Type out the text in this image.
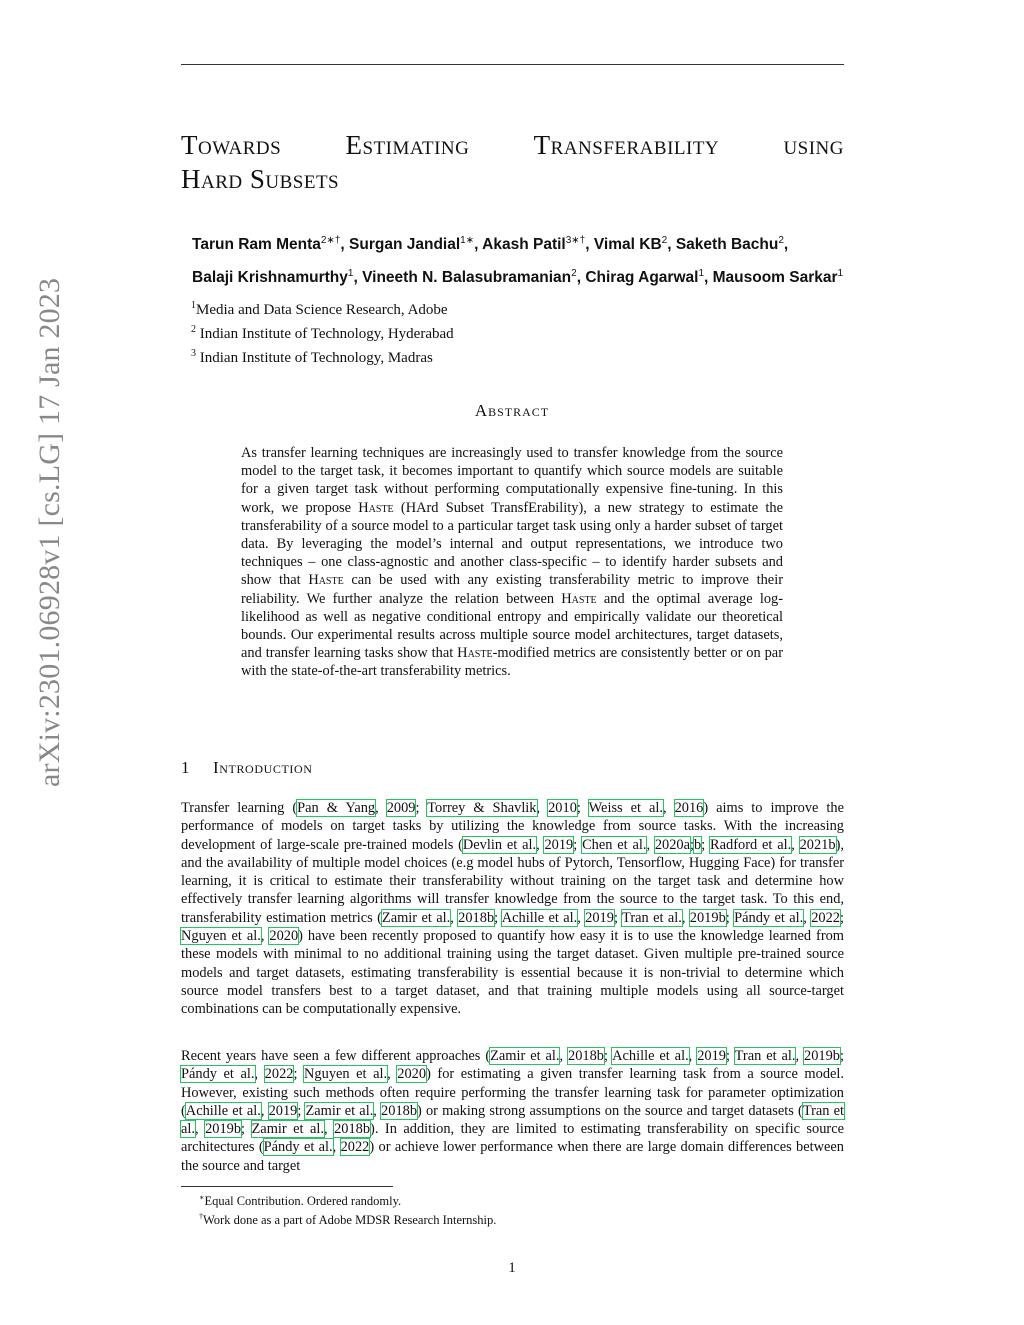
arXiv:2301.06928v1 [cs.LG] 17 Jan 2023
Towards Estimating Transferability using
Hard Subsets
Tarun Ram Menta$^{2∗\dagger}$, Surgan Jandial$^{1∗}$, Akash Patil$^{3∗\dagger}$, Vimal $KB^2$, Saketh Bachu$^2$,
Balaji Krishnamurthy$^1$, Vineeth N. Balasubramanian$^2$, Chirag Agarwal$^1$, Mausoom Sarkar$^1$
$^1$Media and Data Science Research, Adobe
$^2$ Indian Institute of Technology, Hyderabad
$^3$ Indian Institute of Technology, Madras
Abstract
As transfer learning techniques are increasingly used to transfer knowledge from the source model to the target task, it becomes important to quantify which source models are suitable for a given target task without performing computationally expensive fine-tuning. In this work, we propose Haste (HArd Subset TransfErability), a new strategy to estimate the transferability of a source model to a particular target task using only a harder subset of target data. By leveraging the model’s internal and output representations, we introduce two techniques – one class-agnostic and another class-specific – to identify harder subsets and show that Haste can be used with any existing transferability metric to improve their reliability. We further analyze the relation between Haste and the optimal average log-likelihood as well as negative conditional entropy and empirically validate our theoretical bounds. Our experimental results across multiple source model architectures, target datasets, and transfer learning tasks show that Haste-modified metrics are consistently better or on par with the state-of-the-art transferability metrics.
1 Introduction
Transfer learning (Pan & Yang, 2009; Torrey & Shavlik, 2010; Weiss et al., 2016) aims to improve the performance of models on target tasks by utilizing the knowledge from source tasks. With the increasing development of large-scale pre-trained models (Devlin et al., 2019; Chen et al., 2020a;b; Radford et al., 2021b), and the availability of multiple model choices (e.g model hubs of Pytorch, Tensorflow, Hugging Face) for transfer learning, it is critical to estimate their transferability without training on the target task and determine how effectively transfer learning algorithms will transfer knowledge from the source to the target task. To this end, transferability estimation metrics (Zamir et al., 2018b; Achille et al., 2019; Tran et al., 2019b; Pándy et al., 2022; Nguyen et al., 2020) have been recently proposed to quantify how easy it is to use the knowledge learned from these models with minimal to no additional training using the target dataset. Given multiple pre-trained source models and target datasets, estimating transferability is essential because it is non-trivial to determine which source model transfers best to a target dataset, and that training multiple models using all source-target combinations can be computationally expensive.
Recent years have seen a few different approaches (Zamir et al., 2018b; Achille et al., 2019; Tran et al., 2019b; Pándy et al., 2022; Nguyen et al., 2020) for estimating a given transfer learning task from a source model. However, existing such methods often require performing the transfer learning task for parameter optimization (Achille et al., 2019; Zamir et al., 2018b) or making strong assumptions on the source and target datasets (Tran et al., 2019b; Zamir et al., 2018b). In addition, they are limited to estimating transferability on specific source architectures (Pándy et al., 2022) or achieve lower performance when there are large domain differences between the source and target
∗Equal Contribution. Ordered randomly.
†Work done as a part of Adobe MDSR Research Internship.
1
